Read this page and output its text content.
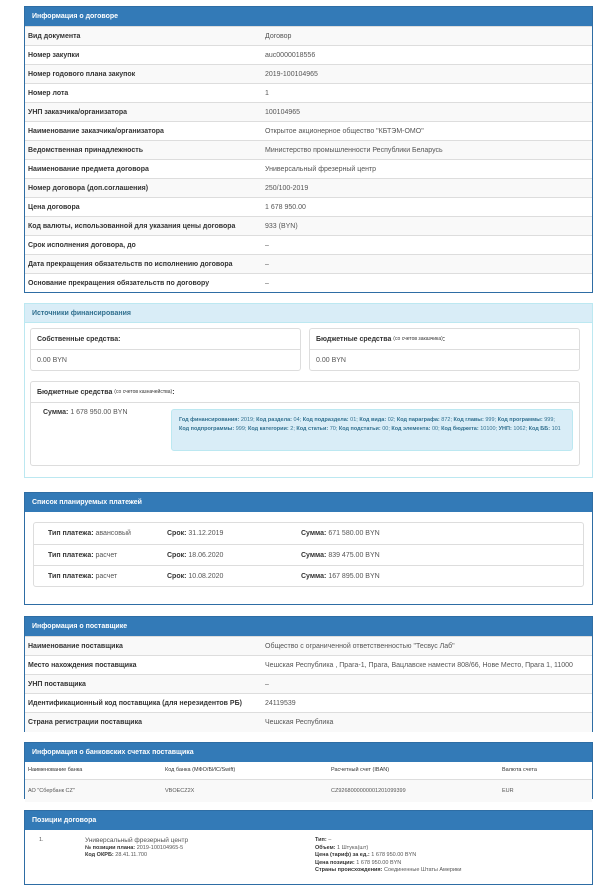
Информация о договоре
Вид документа	Договор
Номер закупки	auc0000018556
Номер годового плана закупок	2019-100104965
Номер лота	1
УНП заказчика/организатора	100104965
Наименование заказчика/организатора	Открытое акционерное общество "КБТЭМ-ОМО"
Ведомственная принадлежность	Министерство промышленности Республики Беларусь
Наименование предмета договора	Универсальный фрезерный центр
Номер договора (доп.соглашения)	250/100-2019
Цена договора	1 678 950.00
Код валюты, использованной для указания цены договора	933 (BYN)
Срок исполнения договора, до	–
Дата прекращения обязательств по исполнению договора	–
Основание прекращения обязательств по договору	–
Источники финансирования
Собственные средства:
0.00 BYN
Бюджетные средства
(со счетов заказчика) :
0.00 BYN
Бюджетные средства
(со счетов казначейства) :
Сумма: 1 678 950.00 BYN
Год финансирования: 2019; Код раздела: 04; Код подраздела: 01; Код вида: 02; Код параграфа: 872; Код главы: 999; Код программы: 999; Код подпрограммы: 999; Код категории: 2; Код статьи: 70; Код подстатьи: 00; Код элемента: 00; Код бюджета: 10100; УНП: 1062; Код ББ: 101
Список планируемых платежей
Тип платежа: авансовый	Срок: 31.12.2019	Сумма: 671 580.00 BYN
Тип платежа: расчет	Срок: 18.06.2020	Сумма: 839 475.00 BYN
Тип платежа: расчет	Срок: 10.08.2020	Сумма: 167 895.00 BYN
Информация о поставщике
Наименование поставщика	Общество с ограниченной ответственностью "Тесвус Лаб"
Место нахождения поставщика	Чешская Республика , Прага-1, Прага, Вацлавске намести 808/66, Нове Место, Прага 1, 11000
УНП поставщика	–
Идентификационный код поставщика (для нерезидентов РБ)	24119539
Страна регистрации поставщика	Чешская Республика
Информация о банковских счетах поставщика
Наименование банка	Код банка (МФО/БИС/Swift)	Расчетный счет (IBAN)	Валюта счета
АО "Сбербанк CZ"	VBOECZ2X	CZ9268000000001201099399	EUR
Позиции договора
1.	Универсальный фрезерный центр
№ позиции плана: 2019-100104965-5
Код ОКРБ: 28.41.11.700
Тип: –
Объем: 1 Штука(шт)
Цена (тариф) за ед.: 1 678 950.00 BYN
Цена позиции: 1 678 950.00 BYN
Страны происхождения: Соединенные Штаты Америки
